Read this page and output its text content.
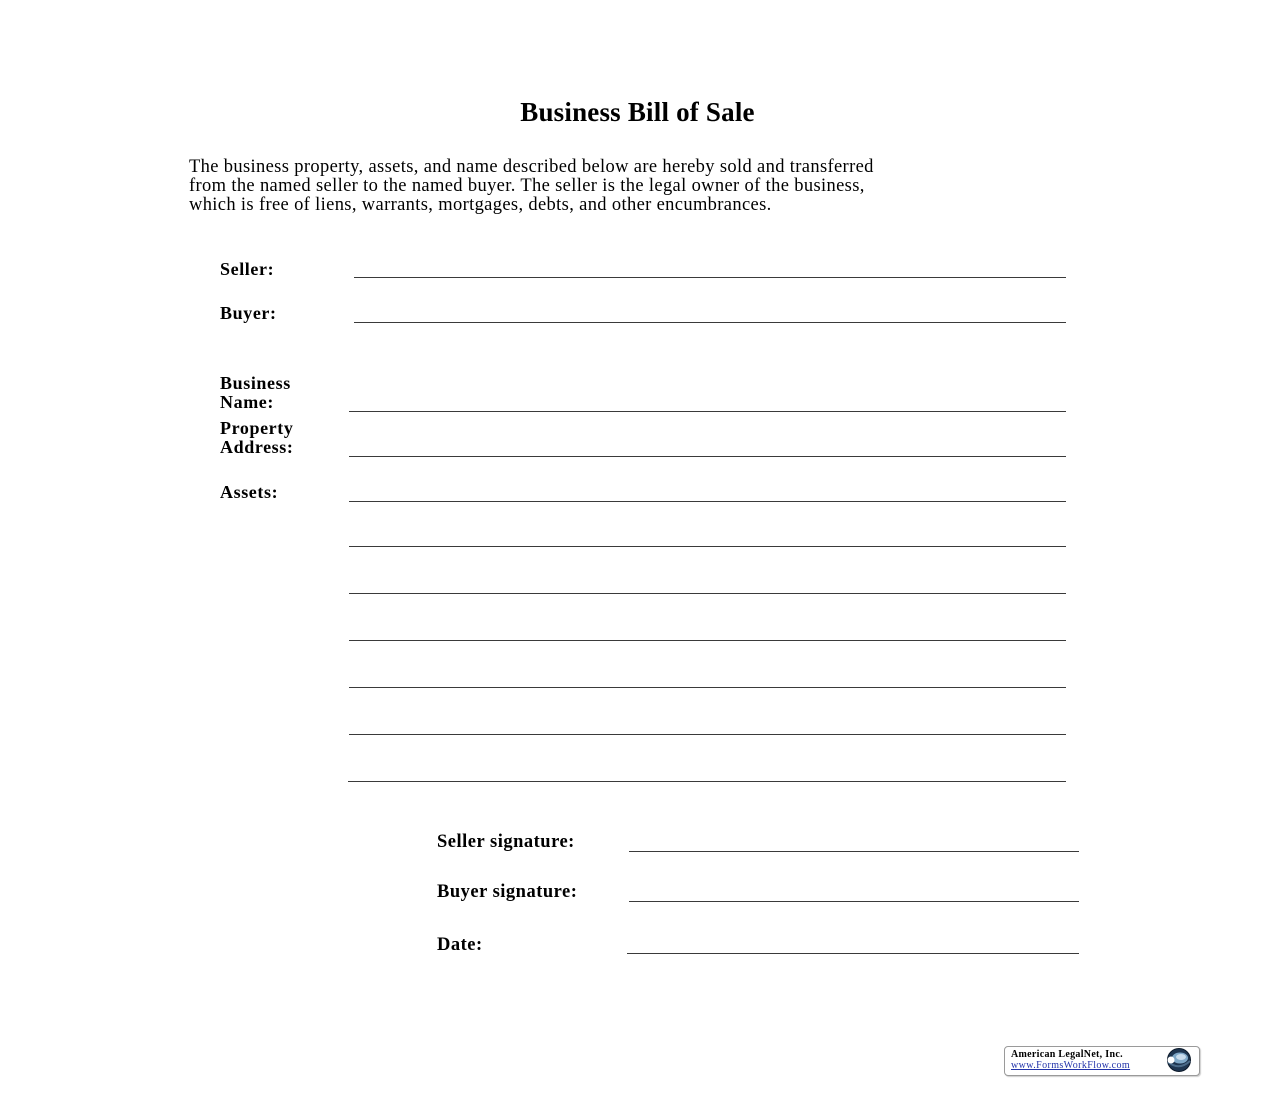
Business Bill of Sale
The business property, assets, and name described below are hereby sold and transferred
from the named seller to the named buyer. The seller is the legal owner of the business,
which is free of liens, warrants, mortgages, debts, and other encumbrances.
Seller:
Buyer:
Business
Name:
Property
Address:
Assets:
Seller signature:
Buyer signature:
Date:
American LegalNet, Inc.
www.FormsWorkFlow.com
